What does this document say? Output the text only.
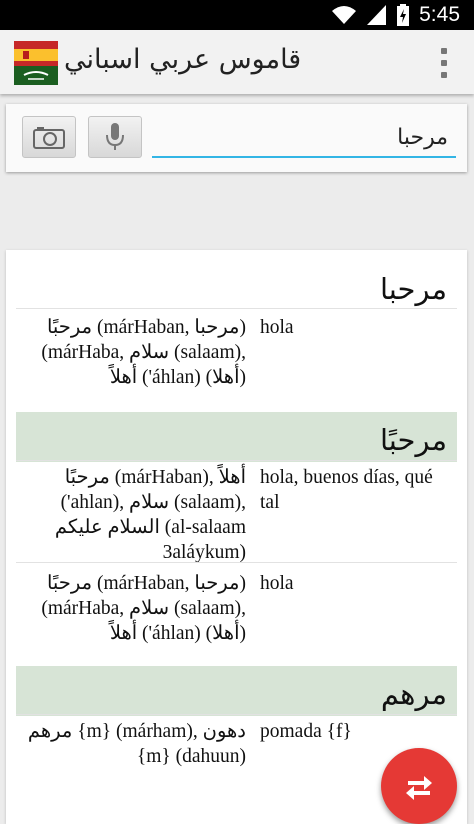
5:45
قاموس عربي اسباني
مرحبا
مرحبا
مرحبًا (márHaban, مرحبا) (márHaba, سلام (salaam), أهلاً ('áhlan) (أهلا)
hola
مرحبًا
مرحبًا (márHaban), أهلاً ('ahlan), سلام (salaam), السلام عليكم (al-salaam 3aláykum)
hola, buenos días, qué tal
مرحبًا (márHaban, مرحبا) (márHaba, سلام (salaam), أهلاً ('áhlan) (أهلا)
hola
مرهم
مرهم {m} (márham), دهون {m} (dahuun)
pomada {f}
